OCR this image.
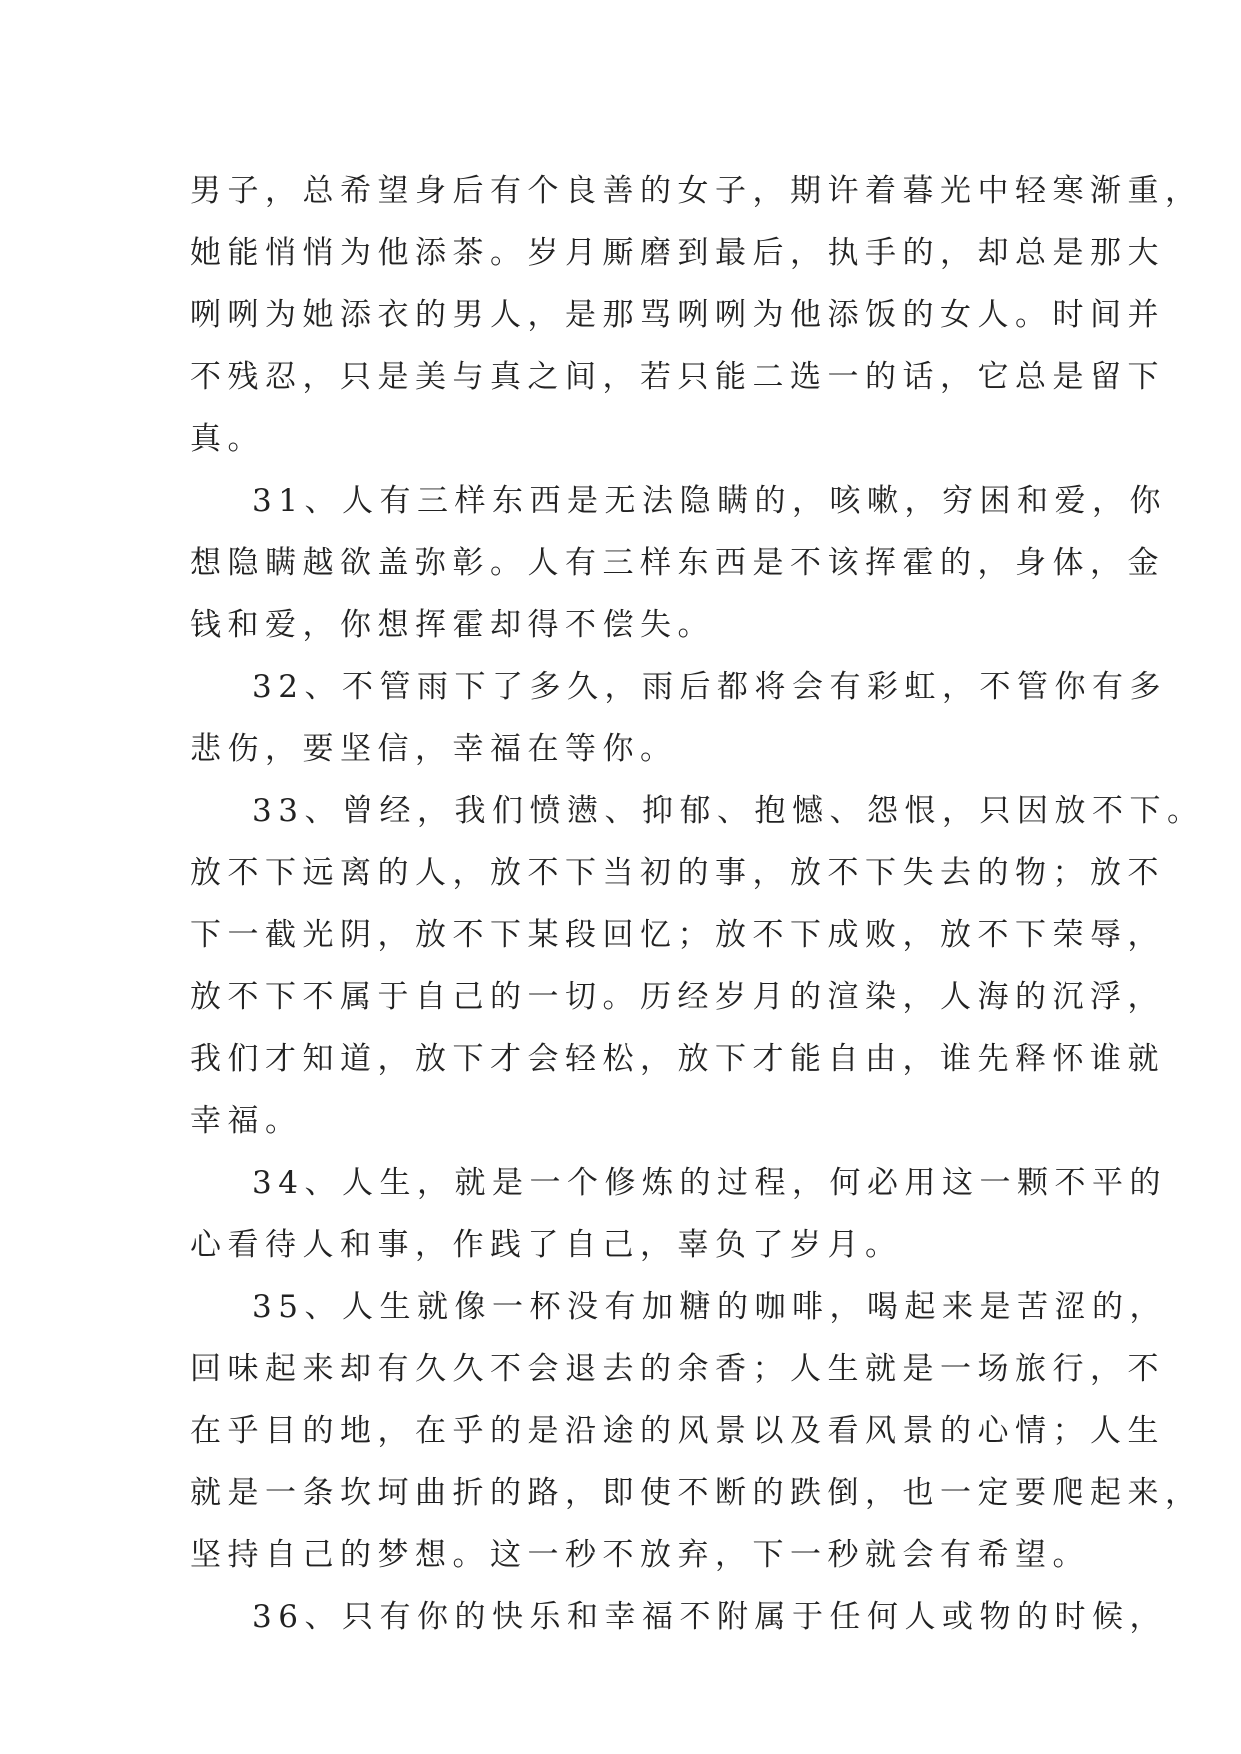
男子，总希望身后有个良善的女子，期许着暮光中轻寒渐重，
她能悄悄为他添茶。岁月厮磨到最后，执手的，却总是那大
咧咧为她添衣的男人，是那骂咧咧为他添饭的女人。时间并
不残忍，只是美与真之间，若只能二选一的话，它总是留下
真。
31、人有三样东西是无法隐瞒的，咳嗽，穷困和爱，你
想隐瞒越欲盖弥彰。人有三样东西是不该挥霍的，身体，金
钱和爱，你想挥霍却得不偿失。
32、不管雨下了多久，雨后都将会有彩虹，不管你有多
悲伤，要坚信，幸福在等你。
33、曾经，我们愤懑、抑郁、抱憾、怨恨，只因放不下。
放不下远离的人，放不下当初的事，放不下失去的物；放不
下一截光阴，放不下某段回忆；放不下成败，放不下荣辱，
放不下不属于自己的一切。历经岁月的渲染，人海的沉浮，
我们才知道，放下才会轻松，放下才能自由，谁先释怀谁就
幸福。
34、人生，就是一个修炼的过程，何必用这一颗不平的
心看待人和事，作践了自己，辜负了岁月。
35、人生就像一杯没有加糖的咖啡，喝起来是苦涩的，
回味起来却有久久不会退去的余香；人生就是一场旅行，不
在乎目的地，在乎的是沿途的风景以及看风景的心情；人生
就是一条坎坷曲折的路，即使不断的跌倒，也一定要爬起来，
坚持自己的梦想。这一秒不放弃，下一秒就会有希望。
36、只有你的快乐和幸福不附属于任何人或物的时候，
